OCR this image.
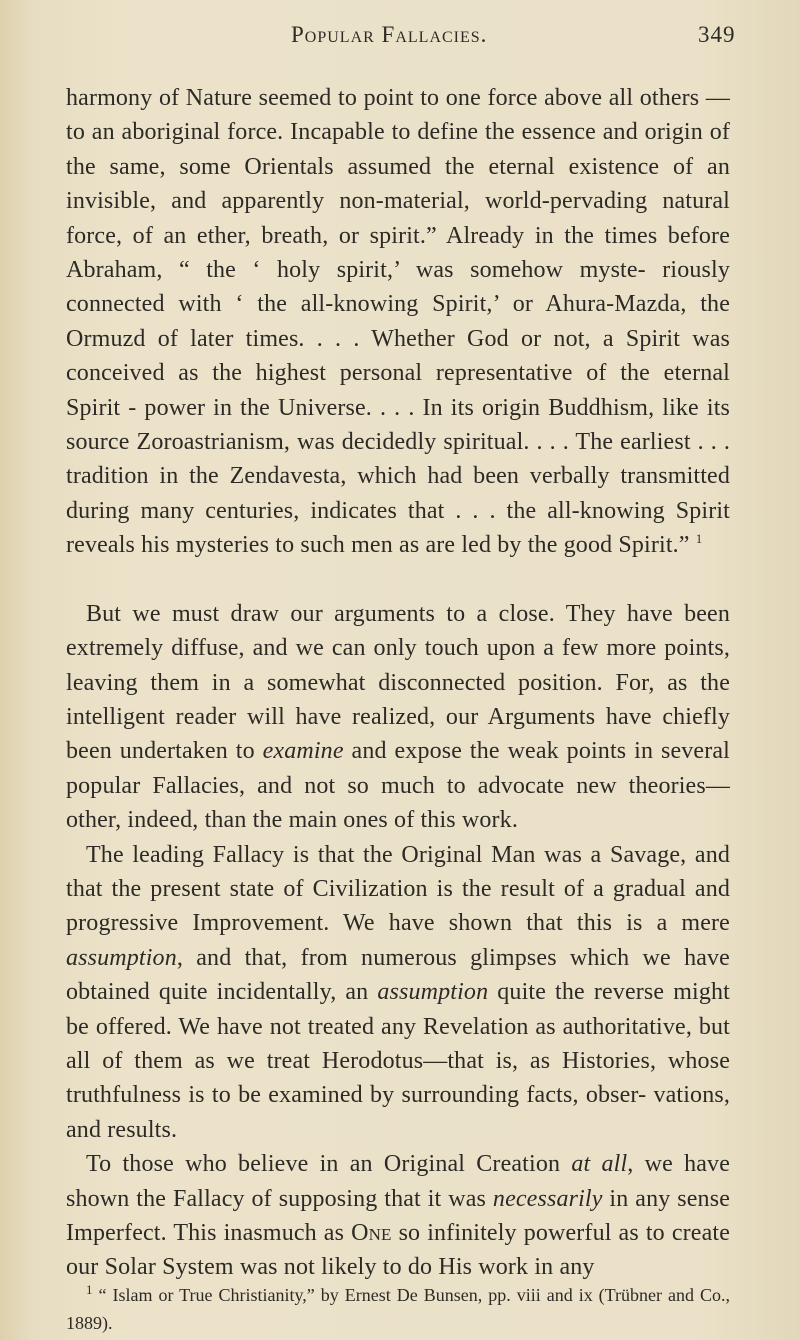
Popular Fallacies.	349

harmony of Nature seemed to point to one force above all others —to an aboriginal force. Incapable to define the essence and origin of the same, some Orientals assumed the eternal existence of an invisible, and apparently non-material, world-pervading natural force, of an ether, breath, or spirit.” Already in the times before Abraham, “ the ‘ holy spirit,’ was somehow myste- riously connected with ‘ the all-knowing Spirit,’ or Ahura-Mazda, the Ormuzd of later times. . . . Whether God or not, a Spirit was conceived as the highest personal representative of the eternal Spirit - power in the Universe. . . . In its origin Buddhism, like its source Zoroastrianism, was decidedly spiritual. . . . The earliest . . . tradition in the Zendavesta, which had been verbally transmitted during many centuries, indicates that . . . the all-knowing Spirit reveals his mysteries to such men as are led by the good Spirit.” $^1$

But we must draw our arguments to a close. They have been extremely diffuse, and we can only touch upon a few more points, leaving them in a somewhat disconnected position. For, as the intelligent reader will have realized, our Arguments have chiefly been undertaken to examine and expose the weak points in several popular Fallacies, and not so much to advocate new theories—other, indeed, than the main ones of this work.

The leading Fallacy is that the Original Man was a Savage, and that the present state of Civilization is the result of a gradual and progressive Improvement. We have shown that this is a mere assumption, and that, from numerous glimpses which we have obtained quite incidentally, an assumption quite the reverse might be offered. We have not treated any Revelation as authoritative, but all of them as we treat Herodotus—that is, as Histories, whose truthfulness is to be examined by surrounding facts, obser- vations, and results.

To those who believe in an Original Creation at all, we have shown the Fallacy of supposing that it was necessarily in any sense Imperfect. This inasmuch as One so infinitely powerful as to create our Solar System was not likely to do His work in any

$^1$ “ Islam or True Christianity,” by Ernest De Bunsen, pp. viii and ix (Trübner and Co., 1889).
